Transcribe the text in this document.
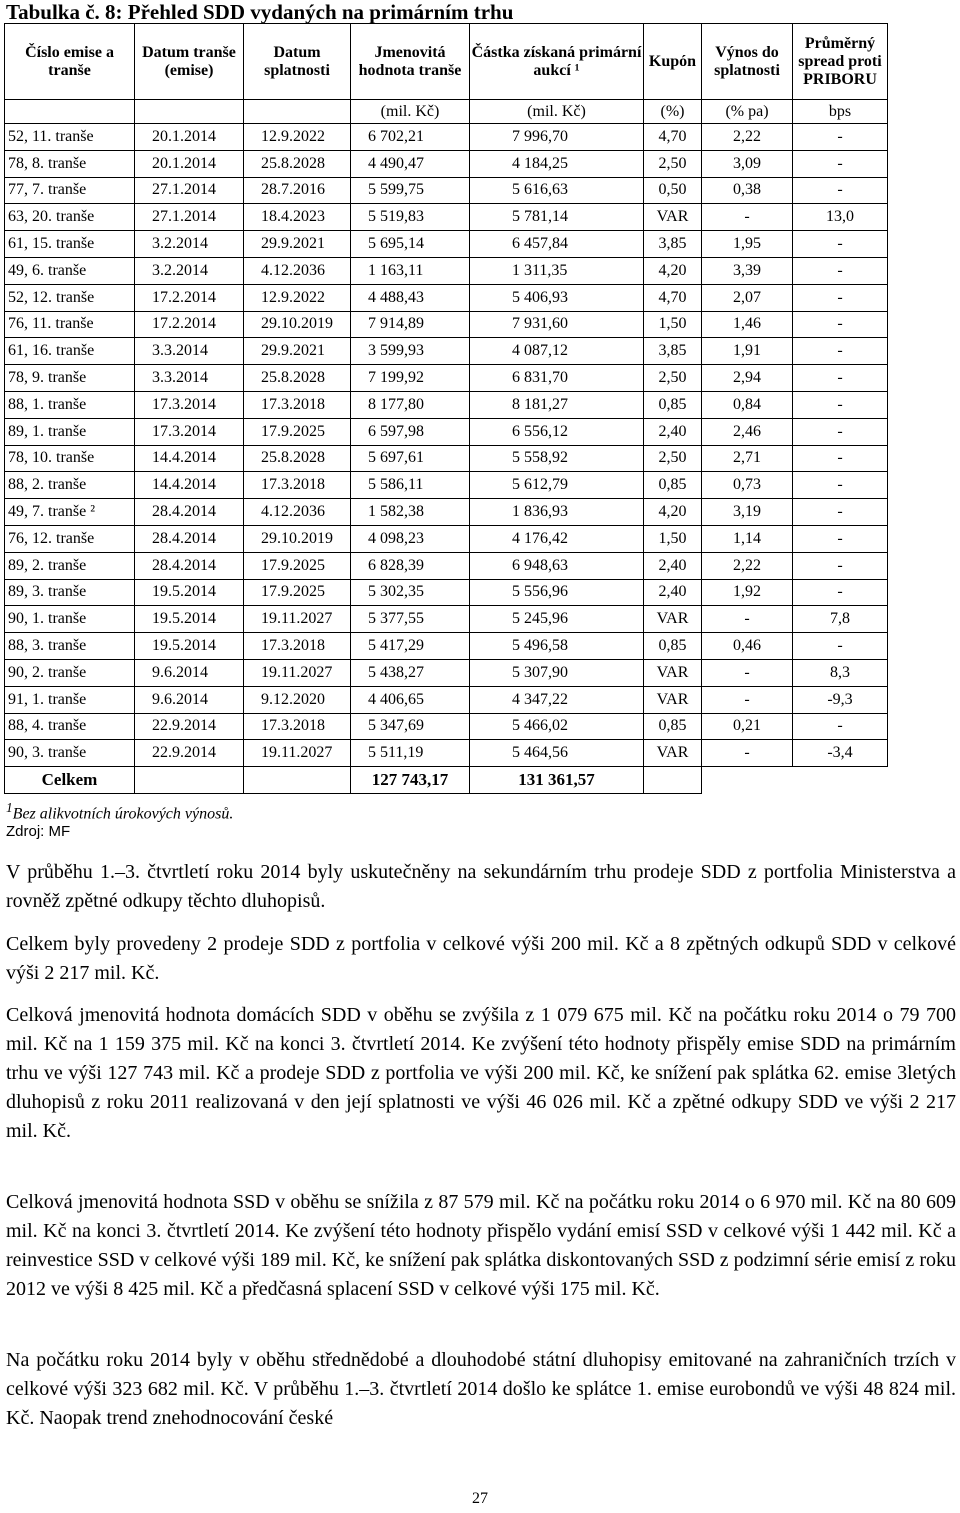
Tabulka č. 8: Přehled SDD vydaných na primárním trhu
Číslo emise a tranše	Datum tranše (emise)	Datum splatnosti	Jmenovitá hodnota tranše	Částka získaná primární aukcí ¹	Kupón	Výnos do splatnosti	Průměrný spread proti PRIBORU
			(mil. Kč)	(mil. Kč)	(%)	(% pa)	bps
52, 11. tranše	20.1.2014	12.9.2022	6 702,21	7 996,70	4,70	2,22	-
78, 8. tranše	20.1.2014	25.8.2028	4 490,47	4 184,25	2,50	3,09	-
77, 7. tranše	27.1.2014	28.7.2016	5 599,75	5 616,63	0,50	0,38	-
63, 20. tranše	27.1.2014	18.4.2023	5 519,83	5 781,14	VAR	-	13,0
61, 15. tranše	3.2.2014	29.9.2021	5 695,14	6 457,84	3,85	1,95	-
49, 6. tranše	3.2.2014	4.12.2036	1 163,11	1 311,35	4,20	3,39	-
52, 12. tranše	17.2.2014	12.9.2022	4 488,43	5 406,93	4,70	2,07	-
76, 11. tranše	17.2.2014	29.10.2019	7 914,89	7 931,60	1,50	1,46	-
61, 16. tranše	3.3.2014	29.9.2021	3 599,93	4 087,12	3,85	1,91	-
78, 9. tranše	3.3.2014	25.8.2028	7 199,92	6 831,70	2,50	2,94	-
88, 1. tranše	17.3.2014	17.3.2018	8 177,80	8 181,27	0,85	0,84	-
89, 1. tranše	17.3.2014	17.9.2025	6 597,98	6 556,12	2,40	2,46	-
78, 10. tranše	14.4.2014	25.8.2028	5 697,61	5 558,92	2,50	2,71	-
88, 2. tranše	14.4.2014	17.3.2018	5 586,11	5 612,79	0,85	0,73	-
49, 7. tranše ²	28.4.2014	4.12.2036	1 582,38	1 836,93	4,20	3,19	-
76, 12. tranše	28.4.2014	29.10.2019	4 098,23	4 176,42	1,50	1,14	-
89, 2. tranše	28.4.2014	17.9.2025	6 828,39	6 948,63	2,40	2,22	-
89, 3. tranše	19.5.2014	17.9.2025	5 302,35	5 556,96	2,40	1,92	-
90, 1. tranše	19.5.2014	19.11.2027	5 377,55	5 245,96	VAR	-	7,8
88, 3. tranše	19.5.2014	17.3.2018	5 417,29	5 496,58	0,85	0,46	-
90, 2. tranše	9.6.2014	19.11.2027	5 438,27	5 307,90	VAR	-	8,3
91, 1. tranše	9.6.2014	9.12.2020	4 406,65	4 347,22	VAR	-	-9,3
88, 4. tranše	22.9.2014	17.3.2018	5 347,69	5 466,02	0,85	0,21	-
90, 3. tranše	22.9.2014	19.11.2027	5 511,19	5 464,56	VAR	-	-3,4
Celkem			127 743,17	131 361,57			
$^1$Bez alikvotních úrokových výnosů.
Zdroj: MF

V průběhu 1.–3. čtvrtletí roku 2014 byly uskutečněny na sekundárním trhu prodeje SDD z portfolia Ministerstva a rovněž zpětné odkupy těchto dluhopisů.

Celkem byly provedeny 2 prodeje SDD z portfolia v celkové výši 200 mil. Kč a 8 zpětných odkupů SDD v celkové výši 2 217 mil. Kč.

Celková jmenovitá hodnota domácích SDD v oběhu se zvýšila z 1 079 675 mil. Kč na počátku roku 2014 o 79 700 mil. Kč na 1 159 375 mil. Kč na konci 3. čtvrtletí 2014. Ke zvýšení této hodnoty přispěly emise SDD na primárním trhu ve výši 127 743 mil. Kč a prodeje SDD z portfolia ve výši 200 mil. Kč, ke snížení pak splátka 62. emise 3letých dluhopisů z roku 2011 realizovaná v den její splatnosti ve výši 46 026 mil. Kč a zpětné odkupy SDD ve výši 2 217 mil. Kč.

Celková jmenovitá hodnota SSD v oběhu se snížila z 87 579 mil. Kč na počátku roku 2014 o 6 970 mil. Kč na 80 609 mil. Kč na konci 3. čtvrtletí 2014. Ke zvýšení této hodnoty přispělo vydání emisí SSD v celkové výši 1 442 mil. Kč a reinvestice SSD v celkové výši 189 mil. Kč, ke snížení pak splátka diskontovaných SSD z podzimní série emisí z roku 2012 ve výši 8 425 mil. Kč a předčasná splacení SSD v celkové výši 175 mil. Kč.

Na počátku roku 2014 byly v oběhu střednědobé a dlouhodobé státní dluhopisy emitované na zahraničních trzích v celkové výši 323 682 mil. Kč. V průběhu 1.–3. čtvrtletí 2014 došlo ke splátce 1. emise eurobondů ve výši 48 824 mil. Kč. Naopak trend znehodnocování české

27
